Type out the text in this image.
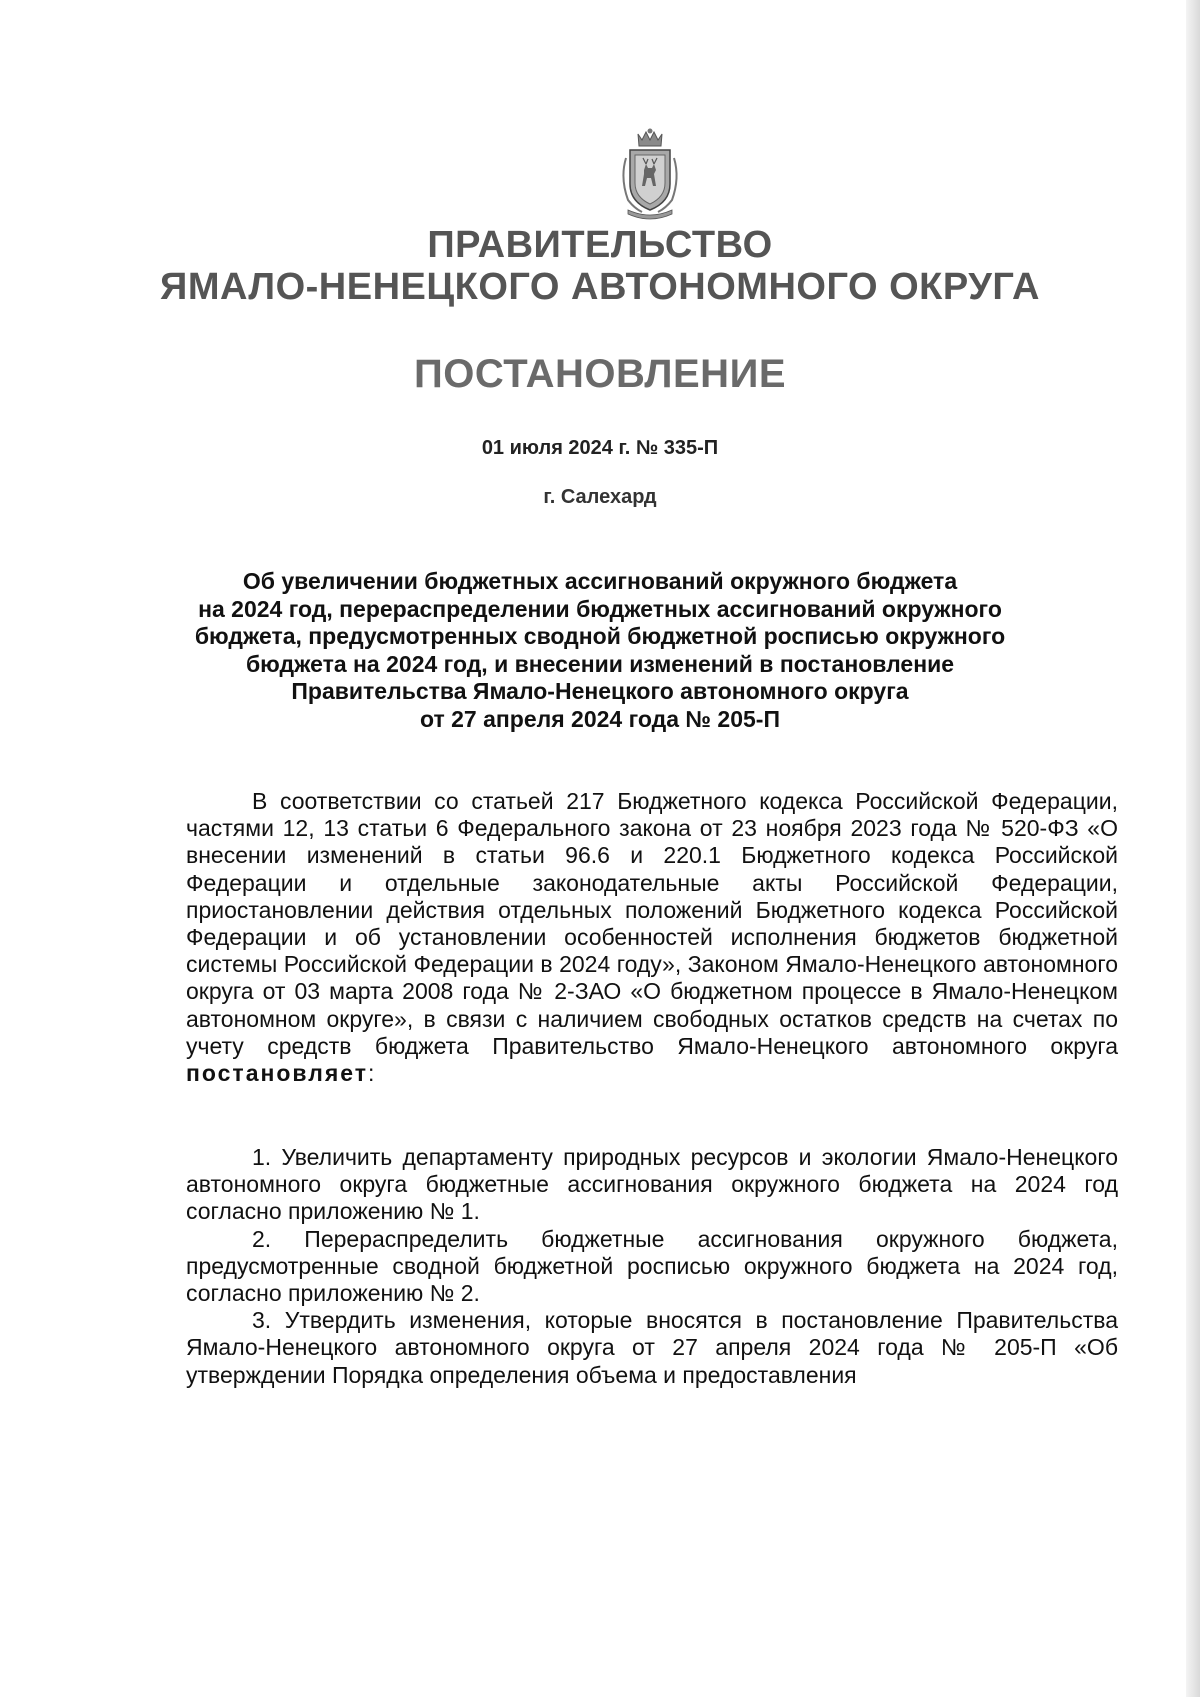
ПРАВИТЕЛЬСТВО
ЯМАЛО-НЕНЕЦКОГО АВТОНОМНОГО ОКРУГА
ПОСТАНОВЛЕНИЕ
01 июля 2024 г. № 335-П
г. Салехард
Об увеличении бюджетных ассигнований окружного бюджета
на 2024 год, перераспределении бюджетных ассигнований окружного
бюджета, предусмотренных сводной бюджетной росписью окружного
бюджета на 2024 год, и внесении изменений в постановление
Правительства Ямало-Ненецкого автономного округа
от 27 апреля 2024 года № 205-П

В соответствии со статьей 217 Бюджетного кодекса Российской Федерации, частями 12, 13 статьи 6 Федерального закона от 23 ноября 2023 года № 520-ФЗ «О внесении изменений в статьи 96.6 и 220.1 Бюджетного кодекса Российской Федерации и отдельные законодательные акты Российской Федерации, приостановлении действия отдельных положений Бюджетного кодекса Российской Федерации и об установлении особенностей исполнения бюджетов бюджетной системы Российской Федерации в 2024 году», Законом Ямало-Ненецкого автономного округа от 03 марта 2008 года № 2-ЗАО «О бюджетном процессе в Ямало-Ненецком автономном округе», в связи с наличием свободных остатков средств на счетах по учету средств бюджета Правительство Ямало-Ненецкого автономного округа постановляет:

1. Увеличить департаменту природных ресурсов и экологии Ямало-Ненецкого автономного округа бюджетные ассигнования окружного бюджета на 2024 год согласно приложению № 1.

2. Перераспределить бюджетные ассигнования окружного бюджета, предусмотренные сводной бюджетной росписью окружного бюджета на 2024 год, согласно приложению № 2.

3. Утвердить изменения, которые вносятся в постановление Правительства Ямало-Ненецкого автономного округа от 27 апреля 2024 года № 205-П «Об утверждении Порядка определения объема и предоставления
